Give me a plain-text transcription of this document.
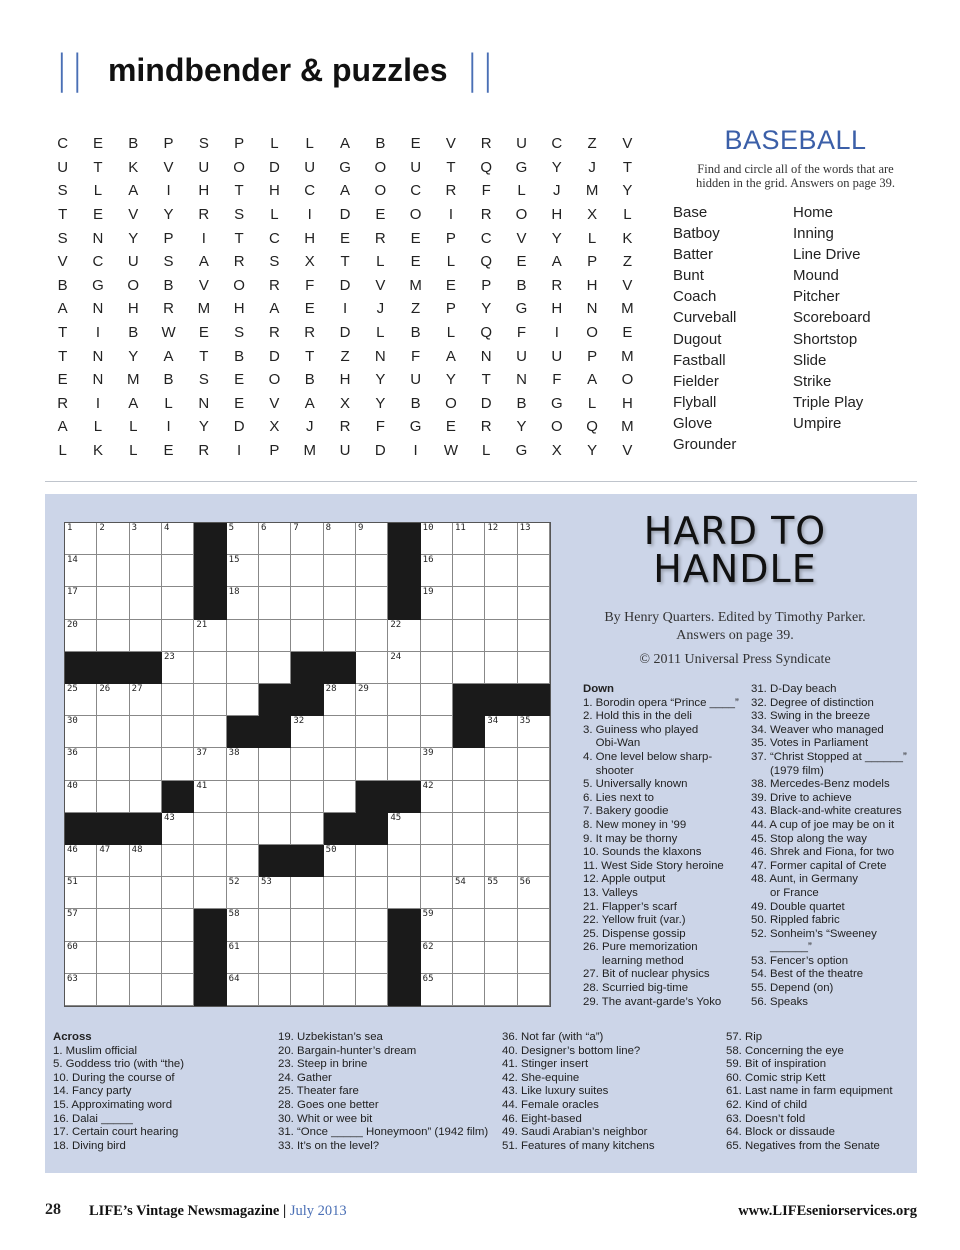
|| mindbender & puzzles ||
C	E	B	P	S	P	L	L	A	B	E	V	R	U	C	Z	V
U	T	K	V	U	O	D	U	G	O	U	T	Q	G	Y	J	T
S	L	A	I	H	T	H	C	A	O	C	R	F	L	J	M	Y
T	E	V	Y	R	S	L	I	D	E	O	I	R	O	H	X	L
S	N	Y	P	I	T	C	H	E	R	E	P	C	V	Y	L	K
V	C	U	S	A	R	S	X	T	L	E	L	Q	E	A	P	Z
B	G	O	B	V	O	R	F	D	V	M	E	P	B	R	H	V
A	N	H	R	M	H	A	E	I	J	Z	P	Y	G	H	N	M
T	I	B	W	E	S	R	R	D	L	B	L	Q	F	I	O	E
T	N	Y	A	T	B	D	T	Z	N	F	A	N	U	U	P	M
E	N	M	B	S	E	O	B	H	Y	U	Y	T	N	F	A	O
R	I	A	L	N	E	V	A	X	Y	B	O	D	B	G	L	H
A	L	L	I	Y	D	X	J	R	F	G	E	R	Y	O	Q	M
L	K	L	E	R	I	P	M	U	D	I	W	L	G	X	Y	V
BASEBALL
Find and circle all of the words that are hidden in the grid. Answers on page 39.
Base
Batboy
Batter
Bunt
Coach
Curveball
Dugout
Fastball
Fielder
Flyball
Glove
Grounder
Home
Inning
Line Drive
Mound
Pitcher
Scoreboard
Shortstop
Slide
Strike
Triple Play
Umpire
1	2	3	4	5	6	7	8	9	10 11 12 13
14	15	16
17	18	19
20	21	22
23	24
25 26 27	28 29
30	32	34 35
36	37 38	39
40	41	42
43	45
46 47 48	50
51	52 53	54 55 56
57	58	59
60	61	62
63	64	65
HARD TO
HANDLE
By Henry Quarters. Edited by Timothy Parker.
Answers on page 39.
© 2011 Universal Press Syndicate
Down
1. Borodin opera “Prince ____”
2. Hold this in the deli
3. Guiness who played
Obi-Wan
4. One level below sharp-
shooter
5. Universally known
6. Lies next to
7. Bakery goodie
8. New money in ’99
9. It may be thorny
10. Sounds the klaxons
11. West Side Story heroine
12. Apple output
13. Valleys
21. Flapper’s scarf
22. Yellow fruit (var.)
25. Dispense gossip
26. Pure memorization
learning method
27. Bit of nuclear physics
28. Scurried big-time
29. The avant-garde’s Yoko
31. D-Day beach
32. Degree of distinction
33. Swing in the breeze
34. Weaver who managed
35. Votes in Parliament
37. “Christ Stopped at ______”
(1979 film)
38. Mercedes-Benz models
39. Drive to achieve
43. Black-and-white creatures
44. A cup of joe may be on it
45. Stop along the way
46. Shrek and Fiona, for two
47. Former capital of Crete
48. Aunt, in Germany
or France
49. Double quartet
50. Rippled fabric
52. Sonheim’s “Sweeney
______”
53. Fencer’s option
54. Best of the theatre
55. Depend (on)
56. Speaks
Across
1. Muslim official
5. Goddess trio (with “the)
10. During the course of
14. Fancy party
15. Approximating word
16. Dalai _____
17. Certain court hearing
18. Diving bird
19. Uzbekistan’s sea
20. Bargain-hunter’s dream
23. Steep in brine
24. Gather
25. Theater fare
28. Goes one better
30. Whit or wee bit
31. “Once _____ Honeymoon” (1942 film)
33. It’s on the level?
36. Not far (with “a”)
40. Designer’s bottom line?
41. Stinger insert
42. She-equine
43. Like luxury suites
44. Female oracles
46. Eight-based
49. Saudi Arabian’s neighbor
51. Features of many kitchens
57. Rip
58. Concerning the eye
59. Bit of inspiration
60. Comic strip Kett
61. Last name in farm equipment
62. Kind of child
63. Doesn’t fold
64. Block or dissaude
65. Negatives from the Senate
28 LIFE’s Vintage Newsmagazine | July 2013	www.LIFEseniorservices.org
